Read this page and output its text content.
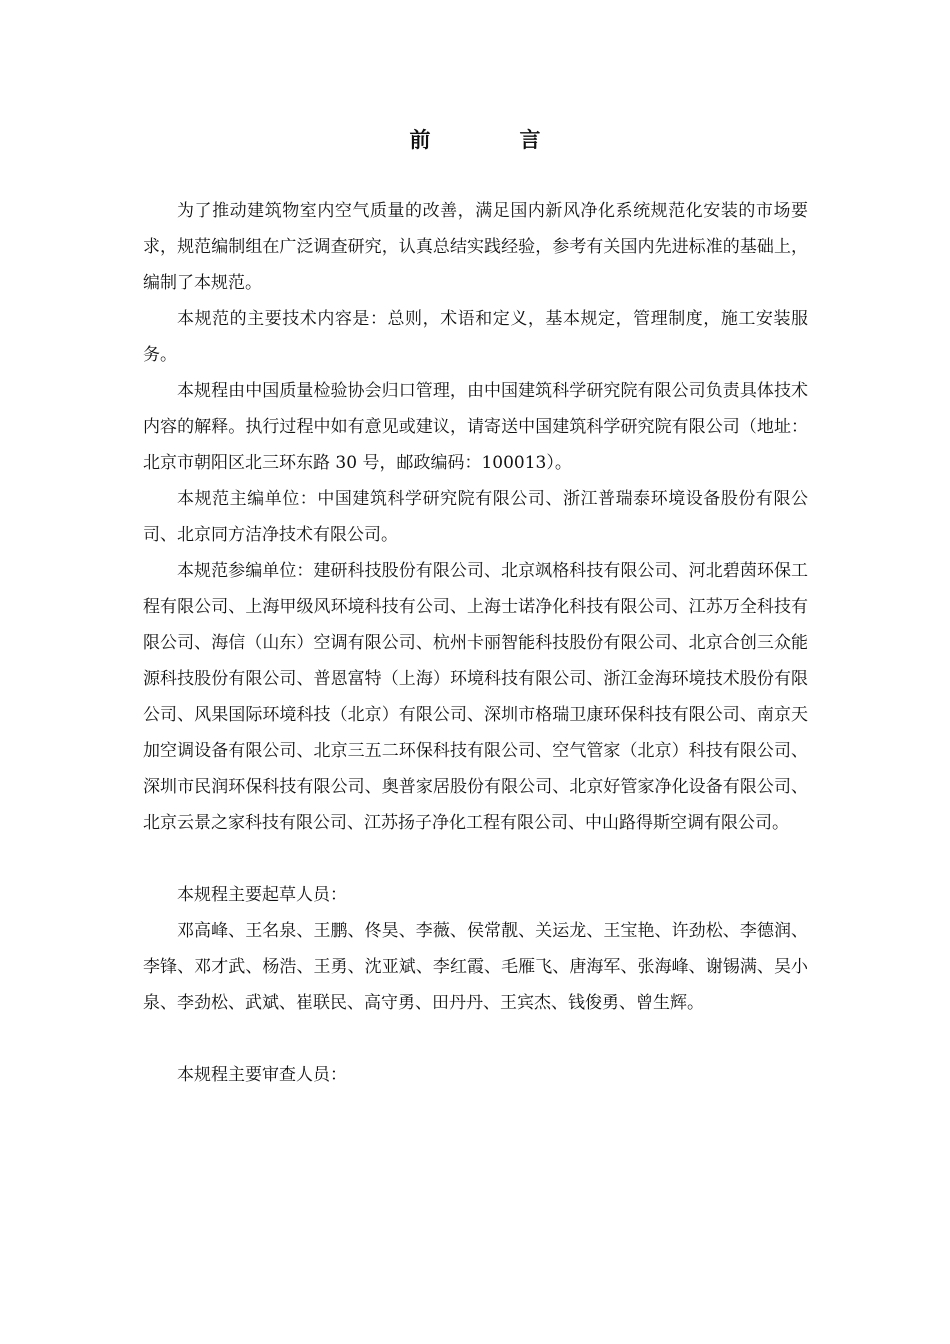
前　言

为了推动建筑物室内空气质量的改善，满足国内新风净化系统规范化安装的市场要求，规范编制组在广泛调查研究，认真总结实践经验，参考有关国内先进标准的基础上，编制了本规范。

本规范的主要技术内容是：总则，术语和定义，基本规定，管理制度，施工安装服务。

本规程由中国质量检验协会归口管理，由中国建筑科学研究院有限公司负责具体技术内容的解释。执行过程中如有意见或建议，请寄送中国建筑科学研究院有限公司（地址：北京市朝阳区北三环东路 30 号，邮政编码：100013）。

本规范主编单位：中国建筑科学研究院有限公司、浙江普瑞泰环境设备股份有限公司、北京同方洁净技术有限公司。

本规范参编单位：建研科技股份有限公司、北京飒格科技有限公司、河北碧茵环保工程有限公司、上海甲级风环境科技有公司、上海士诺净化科技有限公司、江苏万全科技有限公司、海信（山东）空调有限公司、杭州卡丽智能科技股份有限公司、北京合创三众能源科技股份有限公司、普恩富特（上海）环境科技有限公司、浙江金海环境技术股份有限公司、风果国际环境科技（北京）有限公司、深圳市格瑞卫康环保科技有限公司、南京天加空调设备有限公司、北京三五二环保科技有限公司、空气管家（北京）科技有限公司、深圳市民润环保科技有限公司、奥普家居股份有限公司、北京好管家净化设备有限公司、北京云景之家科技有限公司、江苏扬子净化工程有限公司、中山路得斯空调有限公司。

本规程主要起草人员：

邓高峰、王名泉、王鹏、佟昊、李薇、侯常靓、关运龙、王宝艳、许劲松、李德润、李锋、邓才武、杨浩、王勇、沈亚斌、李红霞、毛雁飞、唐海军、张海峰、谢锡满、吴小泉、李劲松、武斌、崔联民、高守勇、田丹丹、王宾杰、钱俊勇、曾生辉。

本规程主要审查人员：
